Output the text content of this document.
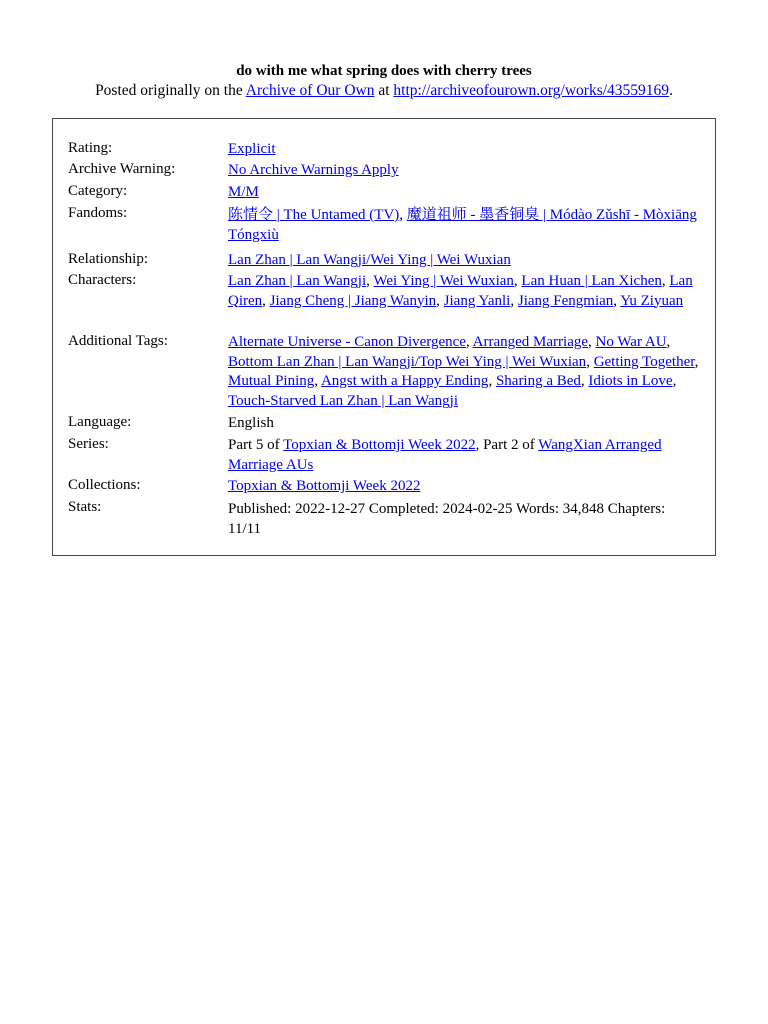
do with me what spring does with cherry trees
Posted originally on the Archive of Our Own at http://archiveofourown.org/works/43559169.
Rating:	Explicit
Archive Warning:	No Archive Warnings Apply
Category:	M/M
Fandoms:	陈情令 | The Untamed (TV), 魔道祖师 - 墨香铜臭 | Módào Zǔshī - Mòxiāng Tóngxiù
Relationship:	Lan Zhan | Lan Wangji/Wei Ying | Wei Wuxian
Characters:	Lan Zhan | Lan Wangji, Wei Ying | Wei Wuxian, Lan Huan | Lan Xichen, Lan Qiren, Jiang Cheng | Jiang Wanyin, Jiang Yanli, Jiang Fengmian, Yu Ziyuan
Additional Tags:	Alternate Universe - Canon Divergence, Arranged Marriage, No War AU, Bottom Lan Zhan | Lan Wangji/Top Wei Ying | Wei Wuxian, Getting Together, Mutual Pining, Angst with a Happy Ending, Sharing a Bed, Idiots in Love, Touch-Starved Lan Zhan | Lan Wangji
Language:	English
Series:	Part 5 of Topxian & Bottomji Week 2022, Part 2 of WangXian Arranged Marriage AUs
Collections:	Topxian & Bottomji Week 2022
Stats:	Published: 2022-12-27 Completed: 2024-02-25 Words: 34,848 Chapters: 11/11
